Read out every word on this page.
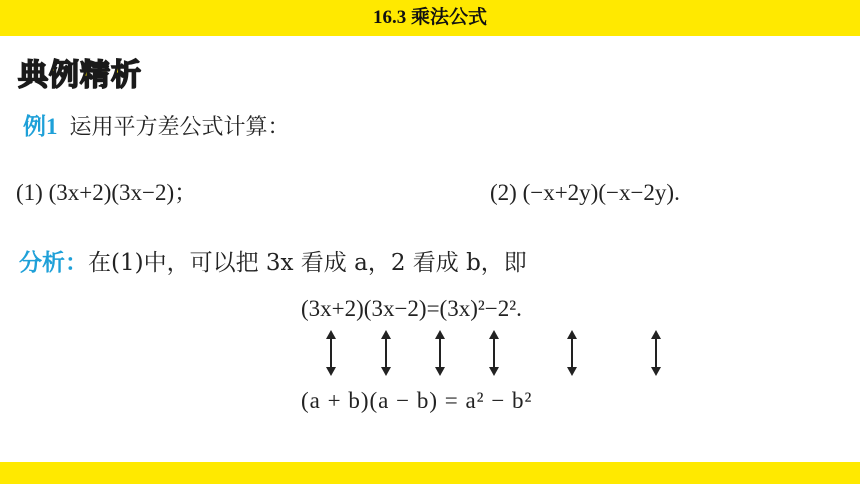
16.3 乘法公式
典例精析
例1 运用平方差公式计算：
(1) (3x+2)(3x−2)；	(2) (−x+2y)(−x−2y).
分析：在(1)中，可以把 3x 看成 a，2 看成 b，即
(3x+2)(3x−2)=(3x)²−2².
(a + b)(a − b) = a² − b²
